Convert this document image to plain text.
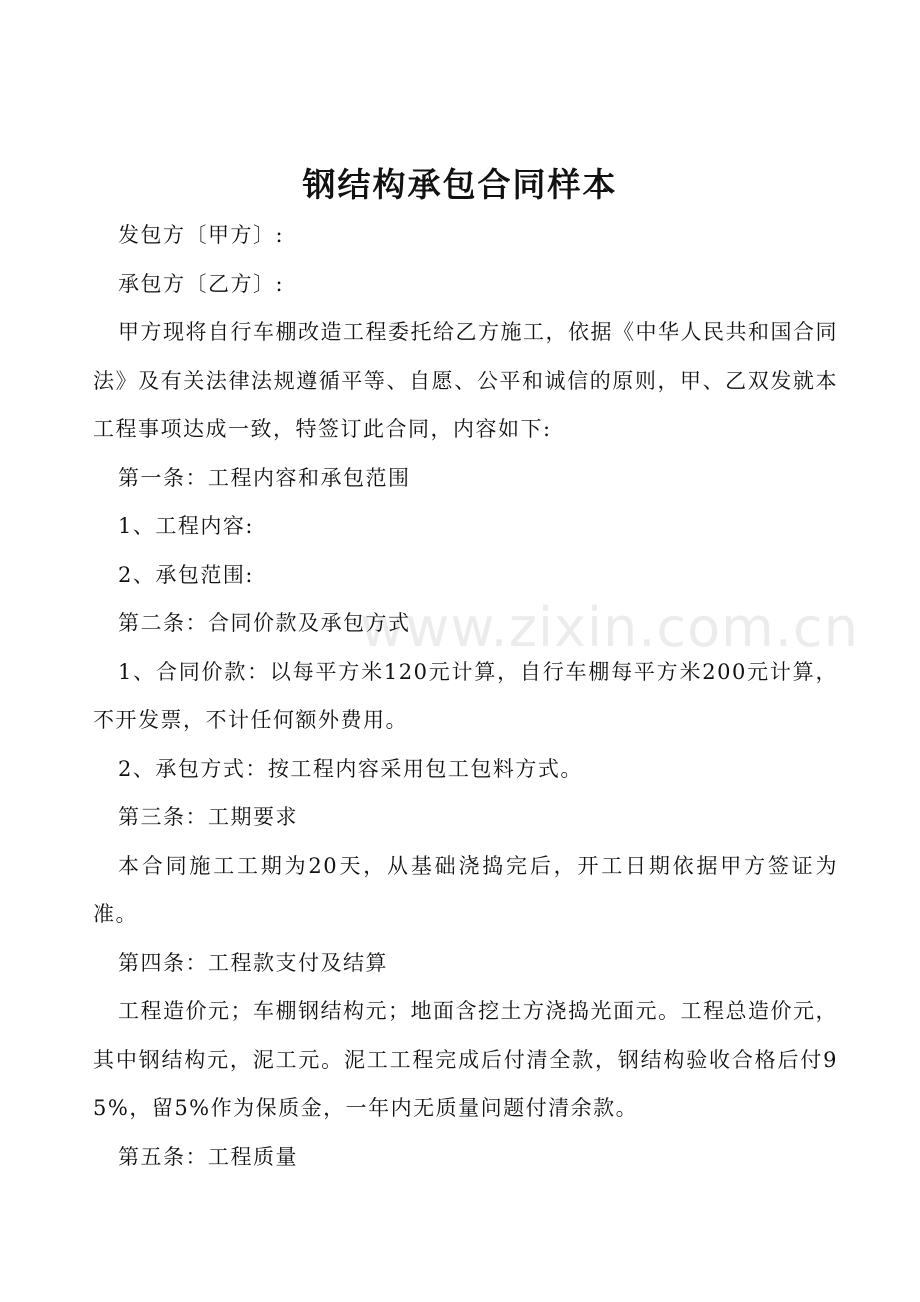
www.zixin.com.cn
钢结构承包合同样本

发包方〔甲方〕:

承包方〔乙方〕:

甲方现将自行车棚改造工程委托给乙方施工，依据《中华人民共和国合同法》及有关法律法规遵循平等、自愿、公平和诚信的原则，甲、乙双发就本工程事项达成一致，特签订此合同，内容如下:

第一条：工程内容和承包范围

1、工程内容:

2、承包范围:

第二条：合同价款及承包方式

1、合同价款：以每平方米120元计算，自行车棚每平方米200元计算，不开发票，不计任何额外费用。

2、承包方式：按工程内容采用包工包料方式。

第三条：工期要求

本合同施工工期为20天，从基础浇捣完后，开工日期依据甲方签证为准。

第四条：工程款支付及结算

工程造价元；车棚钢结构元；地面含挖土方浇捣光面元。工程总造价元，其中钢结构元，泥工元。泥工工程完成后付清全款，钢结构验收合格后付95%，留5%作为保质金，一年内无质量问题付清余款。

第五条：工程质量
